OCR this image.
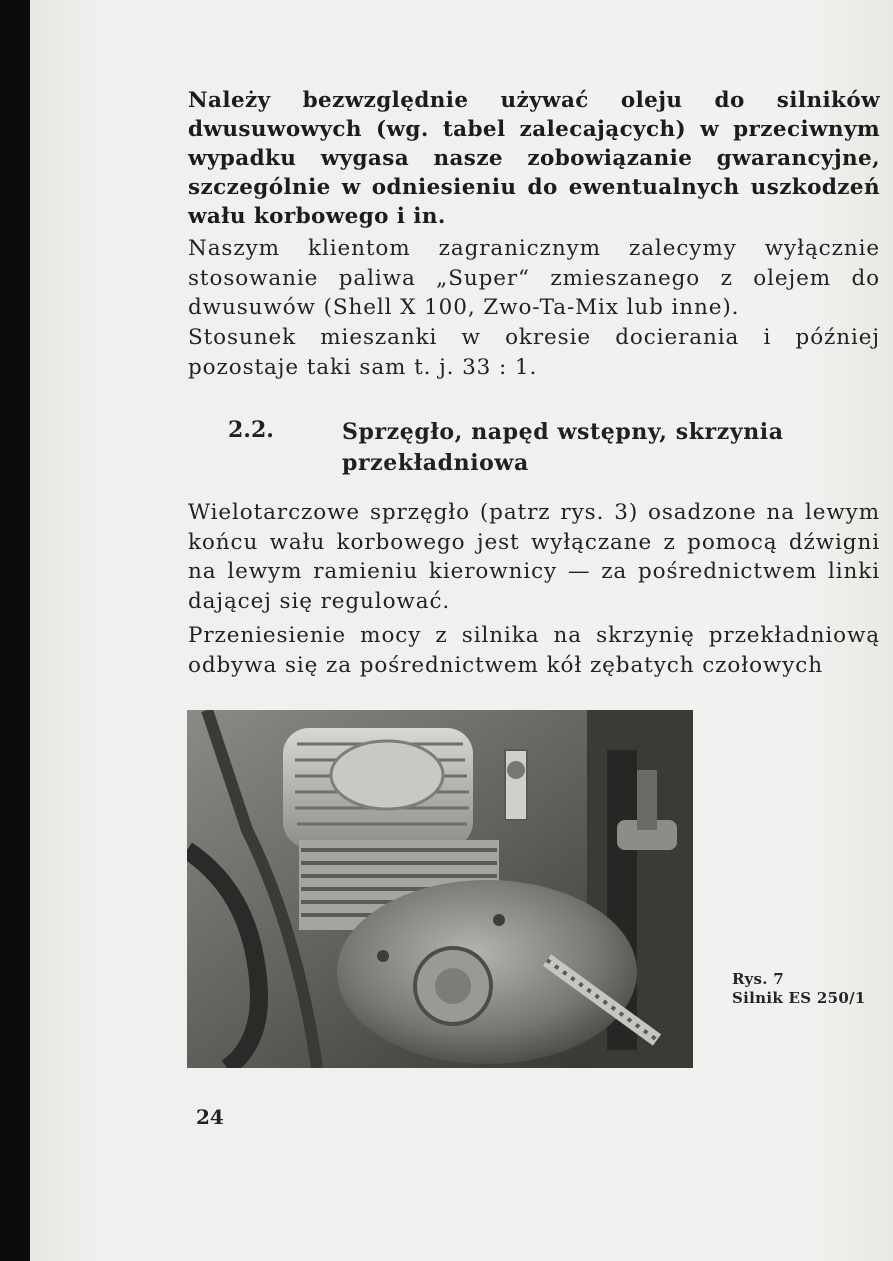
Należy bezwzględnie używać oleju do silników dwusuwowych (wg. tabel zalecających) w przeciwnym wypadku wygasa nasze zobowiązanie gwarancyjne, szczególnie w odniesieniu do ewentualnych uszkodzeń wału korbowego i in.

Naszym klientom zagranicznym zalecymy wyłącznie stosowanie paliwa „Super“ zmieszanego z olejem do dwusuwów (Shell X 100, Zwo-Ta-Mix lub inne).

Stosunek mieszanki w okresie docierania i później pozostaje taki sam t. j. 33 : 1.

2.2.	Sprzęgło, napęd wstępny, skrzynia przekładniowa

Wielotarczowe sprzęgło (patrz rys. 3) osadzone na lewym końcu wału korbowego jest wyłączane z pomocą dźwigni na lewym ramieniu kierownicy — za pośrednictwem linki dającej się regulować.

Przeniesienie mocy z silnika na skrzynię przekładniową odbywa się za pośrednictwem kół zębatych czołowych

Rys. 7
Silnik ES 250/1
24
